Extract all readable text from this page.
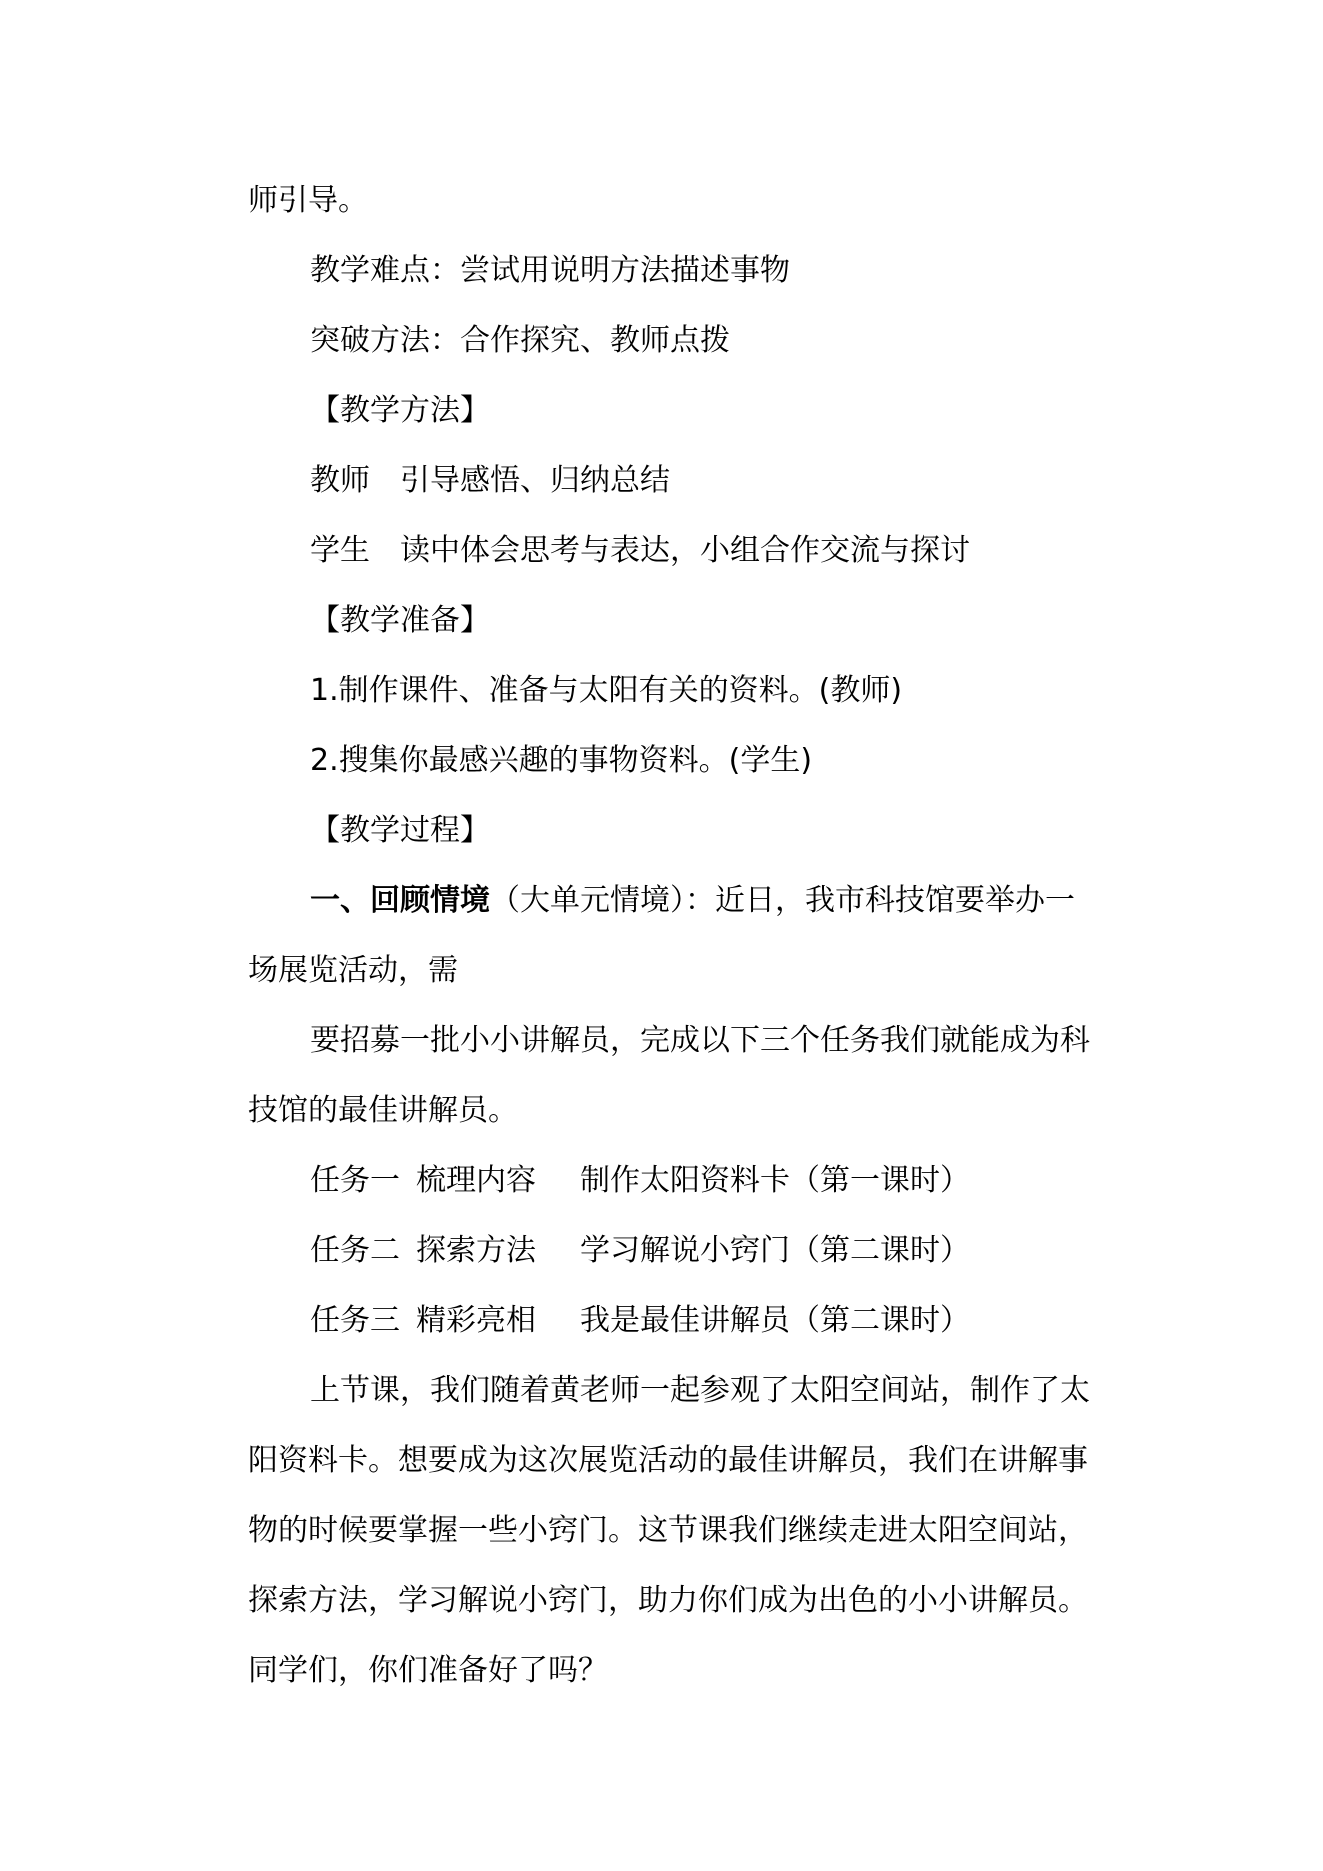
师引导。

教学难点：尝试用说明方法描述事物

突破方法：合作探究、教师点拨

【教学方法】

教师 引导感悟、归纳总结

学生 读中体会思考与表达，小组合作交流与探讨

【教学准备】

1.制作课件、准备与太阳有关的资料。(教师)

2.搜集你最感兴趣的事物资料。(学生)

【教学过程】

一、回顾情境（大单元情境）：近日，我市科技馆要举办一

场展览活动，需

要招募一批小小讲解员，完成以下三个任务我们就能成为科

技馆的最佳讲解员。

任务一 梳理内容 制作太阳资料卡（第一课时）

任务二 探索方法 学习解说小窍门（第二课时）

任务三 精彩亮相 我是最佳讲解员（第二课时）

上节课，我们随着黄老师一起参观了太阳空间站，制作了太

阳资料卡。想要成为这次展览活动的最佳讲解员，我们在讲解事

物的时候要掌握一些小窍门。这节课我们继续走进太阳空间站，

探索方法，学习解说小窍门，助力你们成为出色的小小讲解员。

同学们，你们准备好了吗？
